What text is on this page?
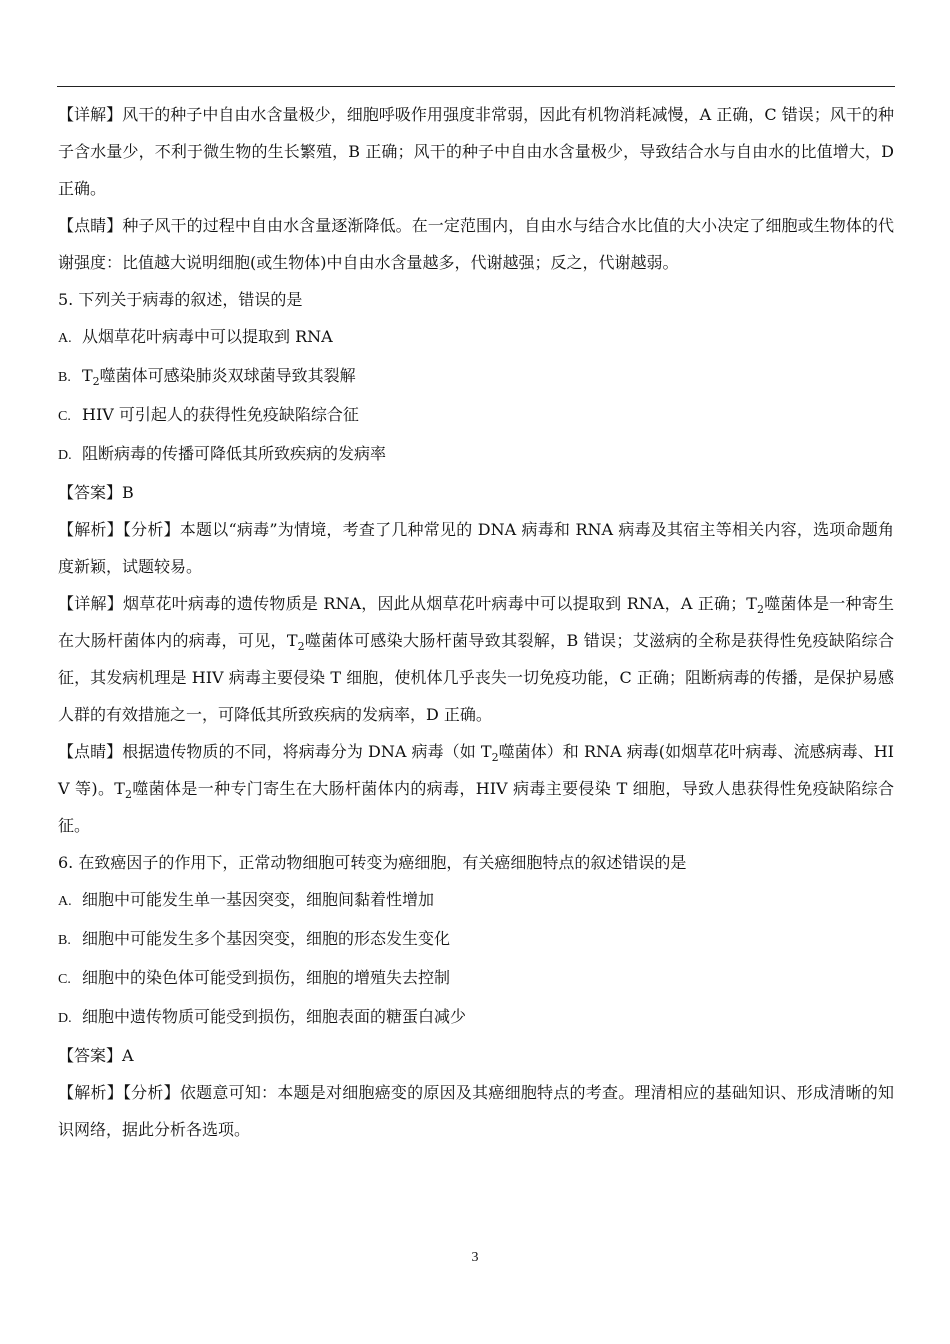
【详解】风干的种子中自由水含量极少，细胞呼吸作用强度非常弱，因此有机物消耗减慢，A 正确，C 错误；风干的种子含水量少，不利于微生物的生长繁殖，B 正确；风干的种子中自由水含量极少，导致结合水与自由水的比值增大，D 正确。

【点睛】种子风干的过程中自由水含量逐渐降低。在一定范围内，自由水与结合水比值的大小决定了细胞或生物体的代谢强度：比值越大说明细胞(或生物体)中自由水含量越多，代谢越强；反之，代谢越弱。

5. 下列关于病毒的叙述，错误的是

A. 从烟草花叶病毒中可以提取到 RNA

B. $T_2$噬菌体可感染肺炎双球菌导致其裂解

C. HIV 可引起人的获得性免疫缺陷综合征

D. 阻断病毒的传播可降低其所致疾病的发病率

【答案】B

【解析】【分析】本题以“病毒”为情境，考查了几种常见的 DNA 病毒和 RNA 病毒及其宿主等相关内容，选项命题角度新颖，试题较易。

【详解】烟草花叶病毒的遗传物质是 RNA，因此从烟草花叶病毒中可以提取到 RNA，A 正确；$T_2$噬菌体是一种寄生在大肠杆菌体内的病毒，可见，$T_2$噬菌体可感染大肠杆菌导致其裂解，B 错误；艾滋病的全称是获得性免疫缺陷综合征，其发病机理是 HIV 病毒主要侵染 T 细胞，使机体几乎丧失一切免疫功能，C 正确；阻断病毒的传播，是保护易感人群的有效措施之一，可降低其所致疾病的发病率，D 正确。

【点睛】根据遗传物质的不同，将病毒分为 DNA 病毒（如 $T_2$噬菌体）和 RNA 病毒(如烟草花叶病毒、流感病毒、HIV 等)。$T_2$噬菌体是一种专门寄生在大肠杆菌体内的病毒，HIV 病毒主要侵染 T 细胞，导致人患获得性免疫缺陷综合征。

6. 在致癌因子的作用下，正常动物细胞可转变为癌细胞，有关癌细胞特点的叙述错误的是

A. 细胞中可能发生单一基因突变，细胞间黏着性增加

B. 细胞中可能发生多个基因突变，细胞的形态发生变化

C. 细胞中的染色体可能受到损伤，细胞的增殖失去控制

D. 细胞中遗传物质可能受到损伤，细胞表面的糖蛋白减少

【答案】A

【解析】【分析】依题意可知：本题是对细胞癌变的原因及其癌细胞特点的考查。理清相应的基础知识、形成清晰的知识网络，据此分析各选项。

3
